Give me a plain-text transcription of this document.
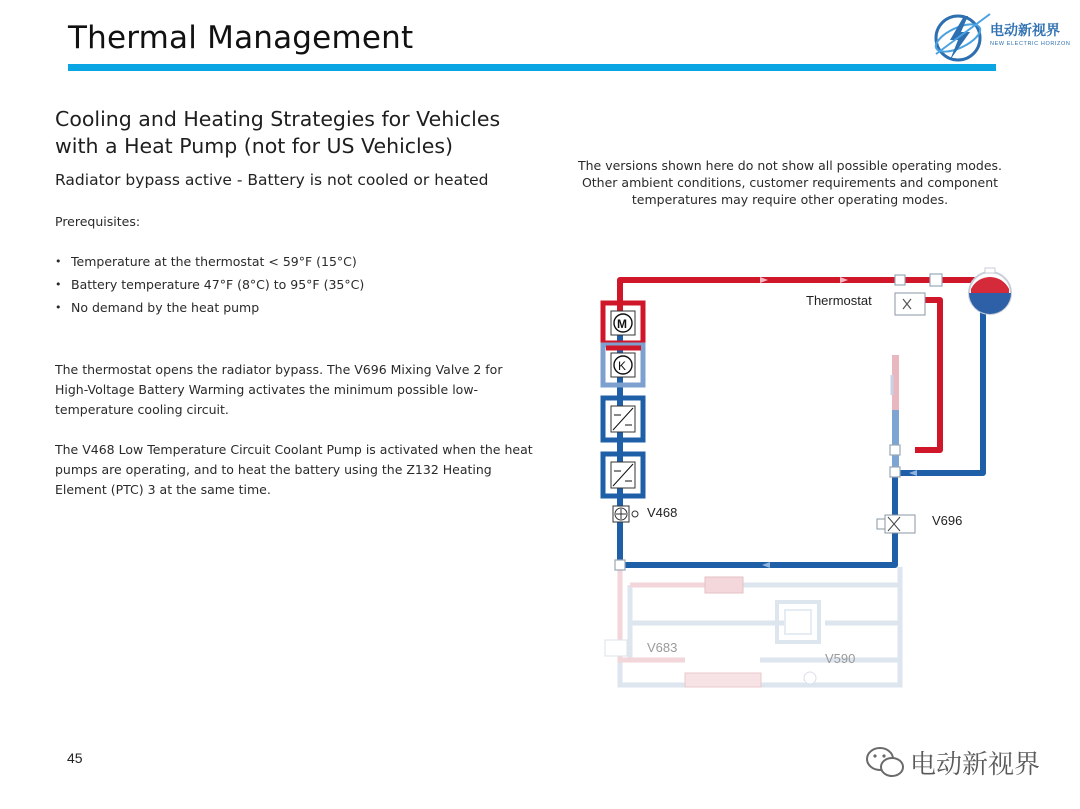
Thermal Management	电动新视界
NEW ELECTRIC HORIZON
Cooling and Heating Strategies for Vehicles with a Heat Pump (not for US Vehicles)
Radiator bypass active - Battery is not cooled or heated
Prerequisites:
• Temperature at the thermostat < 59°F (15°C)
• Battery temperature 47°F (8°C) to 95°F (35°C)
• No demand by the heat pump

The thermostat opens the radiator bypass. The V696 Mixing Valve 2 for High-Voltage Battery Warming activates the minimum possible low-temperature cooling circuit.

The V468 Low Temperature Circuit Coolant Pump is activated when the heat pumps are operating, and to heat the battery using the Z132 Heating Element (PTC) 3 at the same time.

The versions shown here do not show all possible operating modes. Other ambient conditions, customer requirements and component temperatures may require other operating modes.
Thermostat
M
K
V468
V696
V683
V590
45	电动新视界
